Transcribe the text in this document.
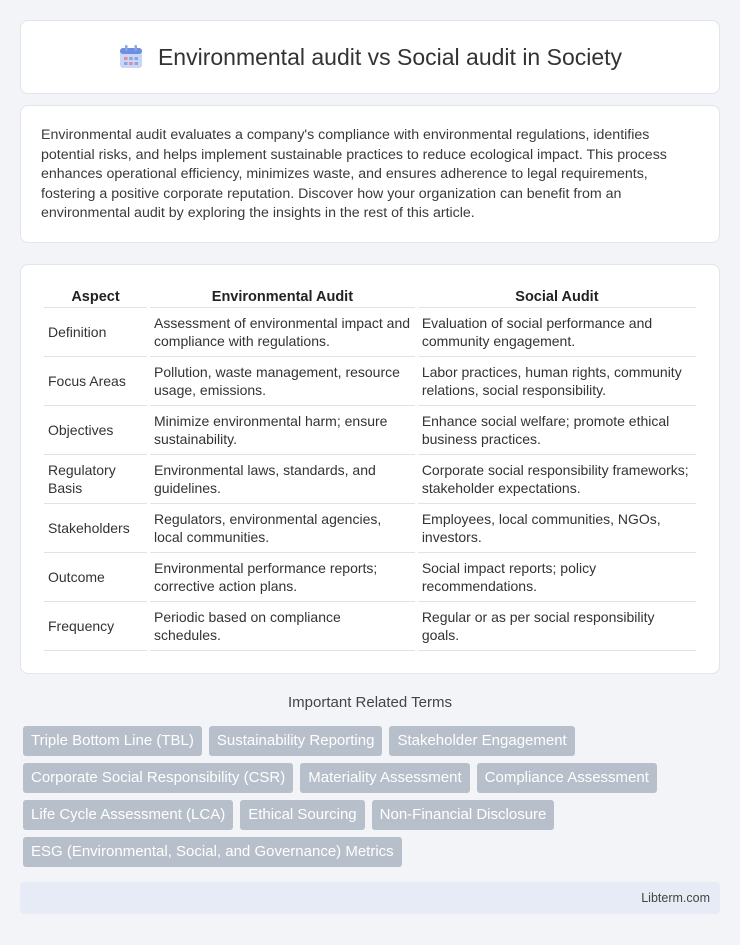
Environmental audit vs Social audit in Society

Environmental audit evaluates a company's compliance with environmental regulations, identifies potential risks, and helps implement sustainable practices to reduce ecological impact. This process enhances operational efficiency, minimizes waste, and ensures adherence to legal requirements, fostering a positive corporate reputation. Discover how your organization can benefit from an environmental audit by exploring the insights in the rest of this article.

Aspect	Environmental Audit	Social Audit
Definition	Assessment of environmental impact and compliance with regulations.	Evaluation of social performance and community engagement.
Focus Areas	Pollution, waste management, resource usage, emissions.	Labor practices, human rights, community relations, social responsibility.
Objectives	Minimize environmental harm; ensure sustainability.	Enhance social welfare; promote ethical business practices.
Regulatory Basis	Environmental laws, standards, and guidelines.	Corporate social responsibility frameworks; stakeholder expectations.
Stakeholders	Regulators, environmental agencies, local communities.	Employees, local communities, NGOs, investors.
Outcome	Environmental performance reports; corrective action plans.	Social impact reports; policy recommendations.
Frequency	Periodic based on compliance schedules.	Regular or as per social responsibility goals.
Important Related Terms
Triple Bottom Line (TBL)	Sustainability Reporting	Stakeholder Engagement
Corporate Social Responsibility (CSR)	Materiality Assessment	Compliance Assessment
Life Cycle Assessment (LCA)	Ethical Sourcing	Non-Financial Disclosure
ESG (Environmental, Social, and Governance) Metrics
Libterm.com
